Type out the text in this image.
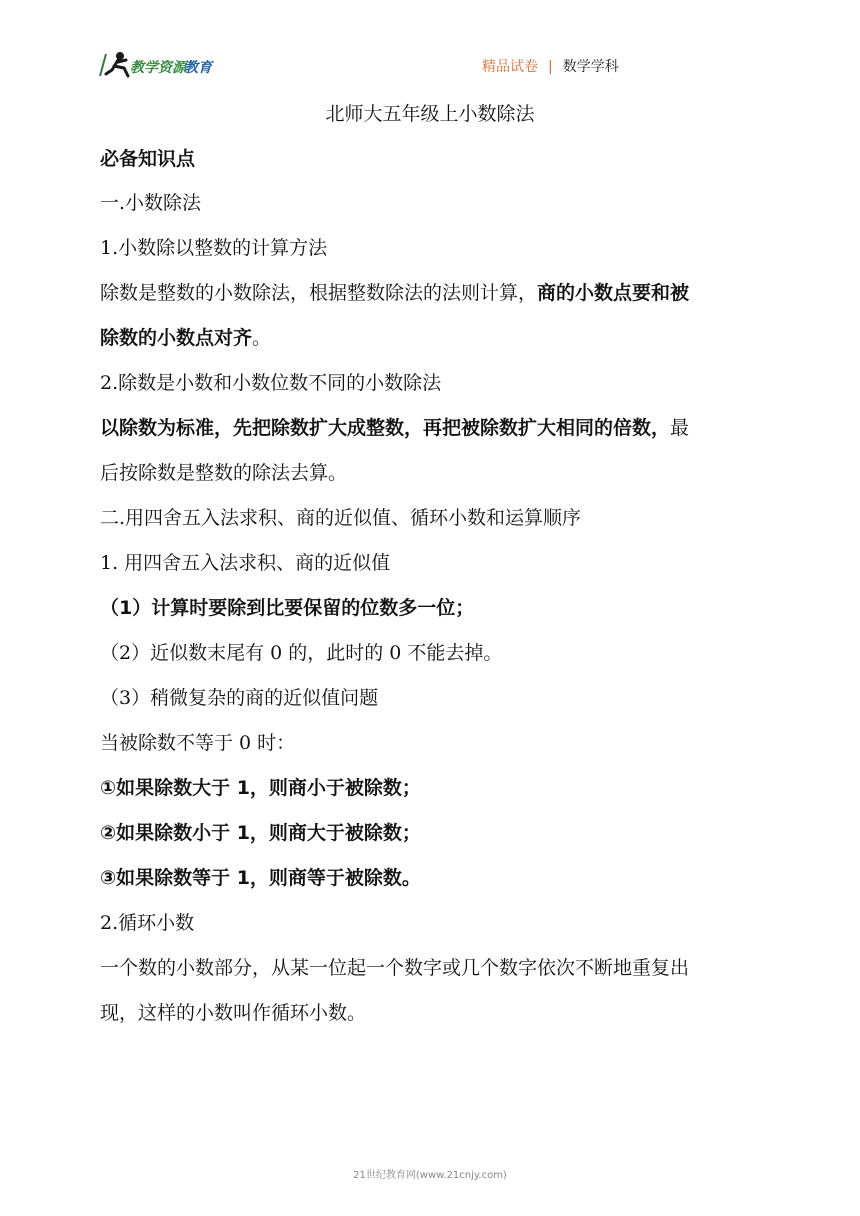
教学资源
教育	精品试卷 | 数学学科
北师大五年级上小数除法
必备知识点
一.小数除法
1.小数除以整数的计算方法
除数是整数的小数除法，根据整数除法的法则计算，商的小数点要和被
除数的小数点对齐。
2.除数是小数和小数位数不同的小数除法
以除数为标准，先把除数扩大成整数，再把被除数扩大相同的倍数，最
后按除数是整数的除法去算。
二.用四舍五入法求积、商的近似值、循环小数和运算顺序
1. 用四舍五入法求积、商的近似值
（1）计算时要除到比要保留的位数多一位；
（2）近似数末尾有 0 的，此时的 0 不能去掉。
（3）稍微复杂的商的近似值问题
当被除数不等于 0 时：
①如果除数大于 1，则商小于被除数；
②如果除数小于 1，则商大于被除数；
③如果除数等于 1，则商等于被除数。
2.循环小数
一个数的小数部分，从某一位起一个数字或几个数字依次不断地重复出
现，这样的小数叫作循环小数。
21世纪教育网(www.21cnjy.com)
